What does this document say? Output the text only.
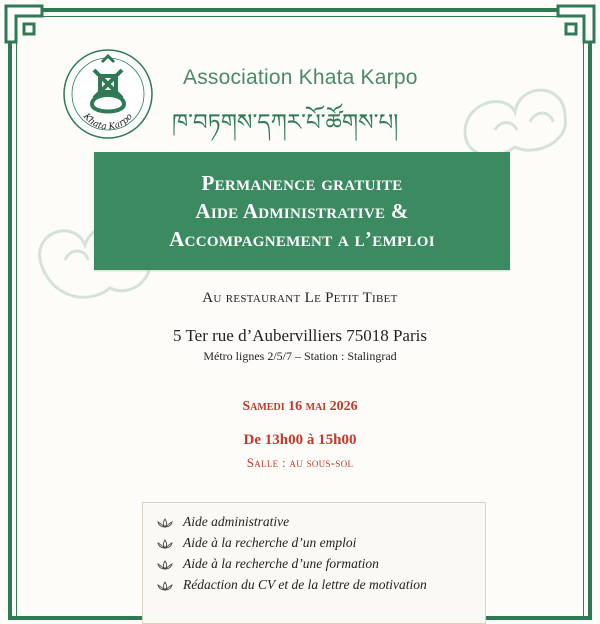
Khata Karpo
Association Khata Karpo
ཁ་བཏགས་དཀར་པོ་ཚོགས་པ།
Permanence gratuite
Aide Administrative &
Accompagnement a l’emploi
Au restaurant Le Petit Tibet
5 Ter rue d’Aubervilliers 75018 Paris
Métro lignes 2/5/7 – Station : Stalingrad
Samedi 16 mai 2026
De 13h00 à 15h00
Salle : au sous-sol
Aide administrative
Aide à la recherche d’un emploi
Aide à la recherche d’une formation
Rédaction du CV et de la lettre de motivation
